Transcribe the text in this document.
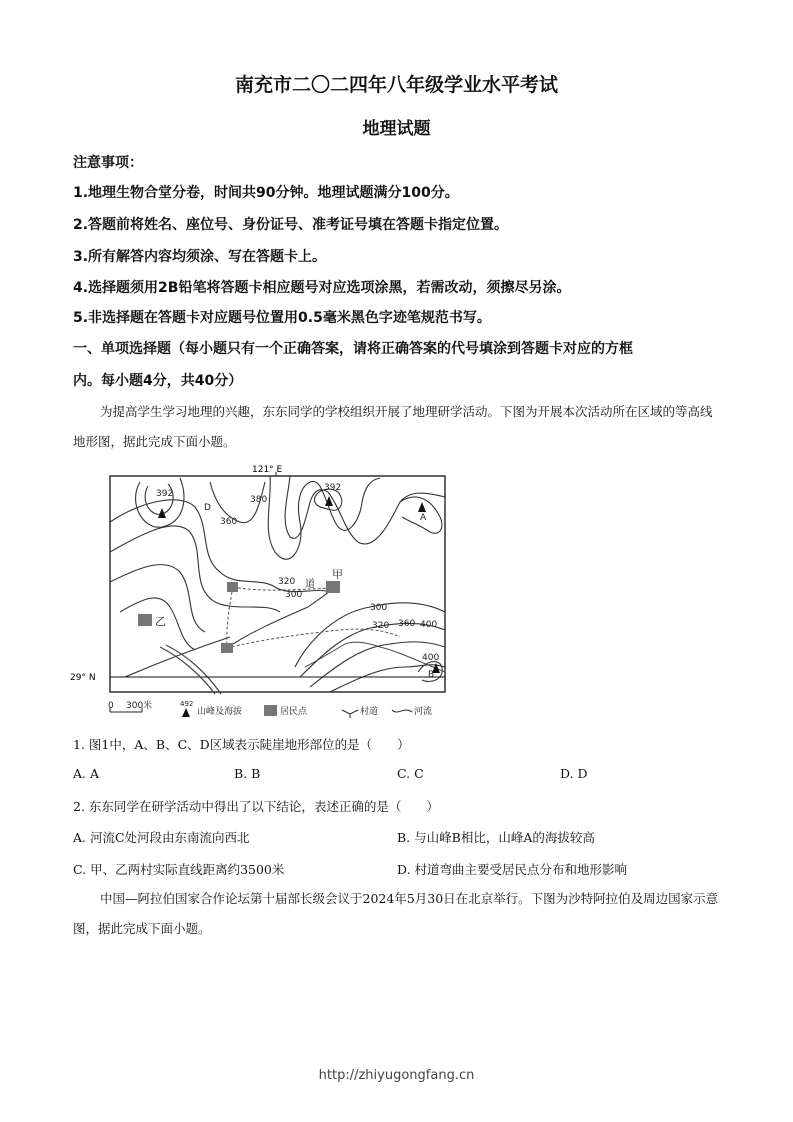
南充市二〇二四年八年级学业水平考试
地理试题
注意事项：
1.地理生物合堂分卷，时间共90分钟。地理试题满分100分。
2.答题前将姓名、座位号、身份证号、准考证号填在答题卡指定位置。
3.所有解答内容均须涂、写在答题卡上。
4.选择题须用2B铅笔将答题卡相应题号对应选项涂黑，若需改动，须擦尽另涂。
5.非选择题在答题卡对应题号位置用0.5毫米黑色字迹笔规范书写。
一、单项选择题（每小题只有一个正确答案，请将正确答案的代号填涂到答题卡对应的方框
内。每小题4分，共40分）
为提高学生学习地理的兴趣，东东同学的学校组织开展了地理研学活动。下图为开展本次活动所在区域的等高线地形图，据此完成下面小题。
121° E
29° N
392
392
D
A
B
甲
乙
道
380
360
320
300
300
320 360 400
400
0 300米	492
山峰及海拔	居民点	村道	河流
1. 图1中，A、B、C、D区域表示陡崖地形部位的是（　　）
A. A	B. B	C. C	D. D
2. 东东同学在研学活动中得出了以下结论，表述正确的是（　　）
A. 河流C处河段由东南流向西北	B. 与山峰B相比，山峰A的海拔较高
C. 甲、乙两村实际直线距离约3500米	D. 村道弯曲主要受居民点分布和地形影响
中国—阿拉伯国家合作论坛第十届部长级会议于2024年5月30日在北京举行。下图为沙特阿拉伯及周边国家示意图，据此完成下面小题。
http://zhiyugongfang.cn
